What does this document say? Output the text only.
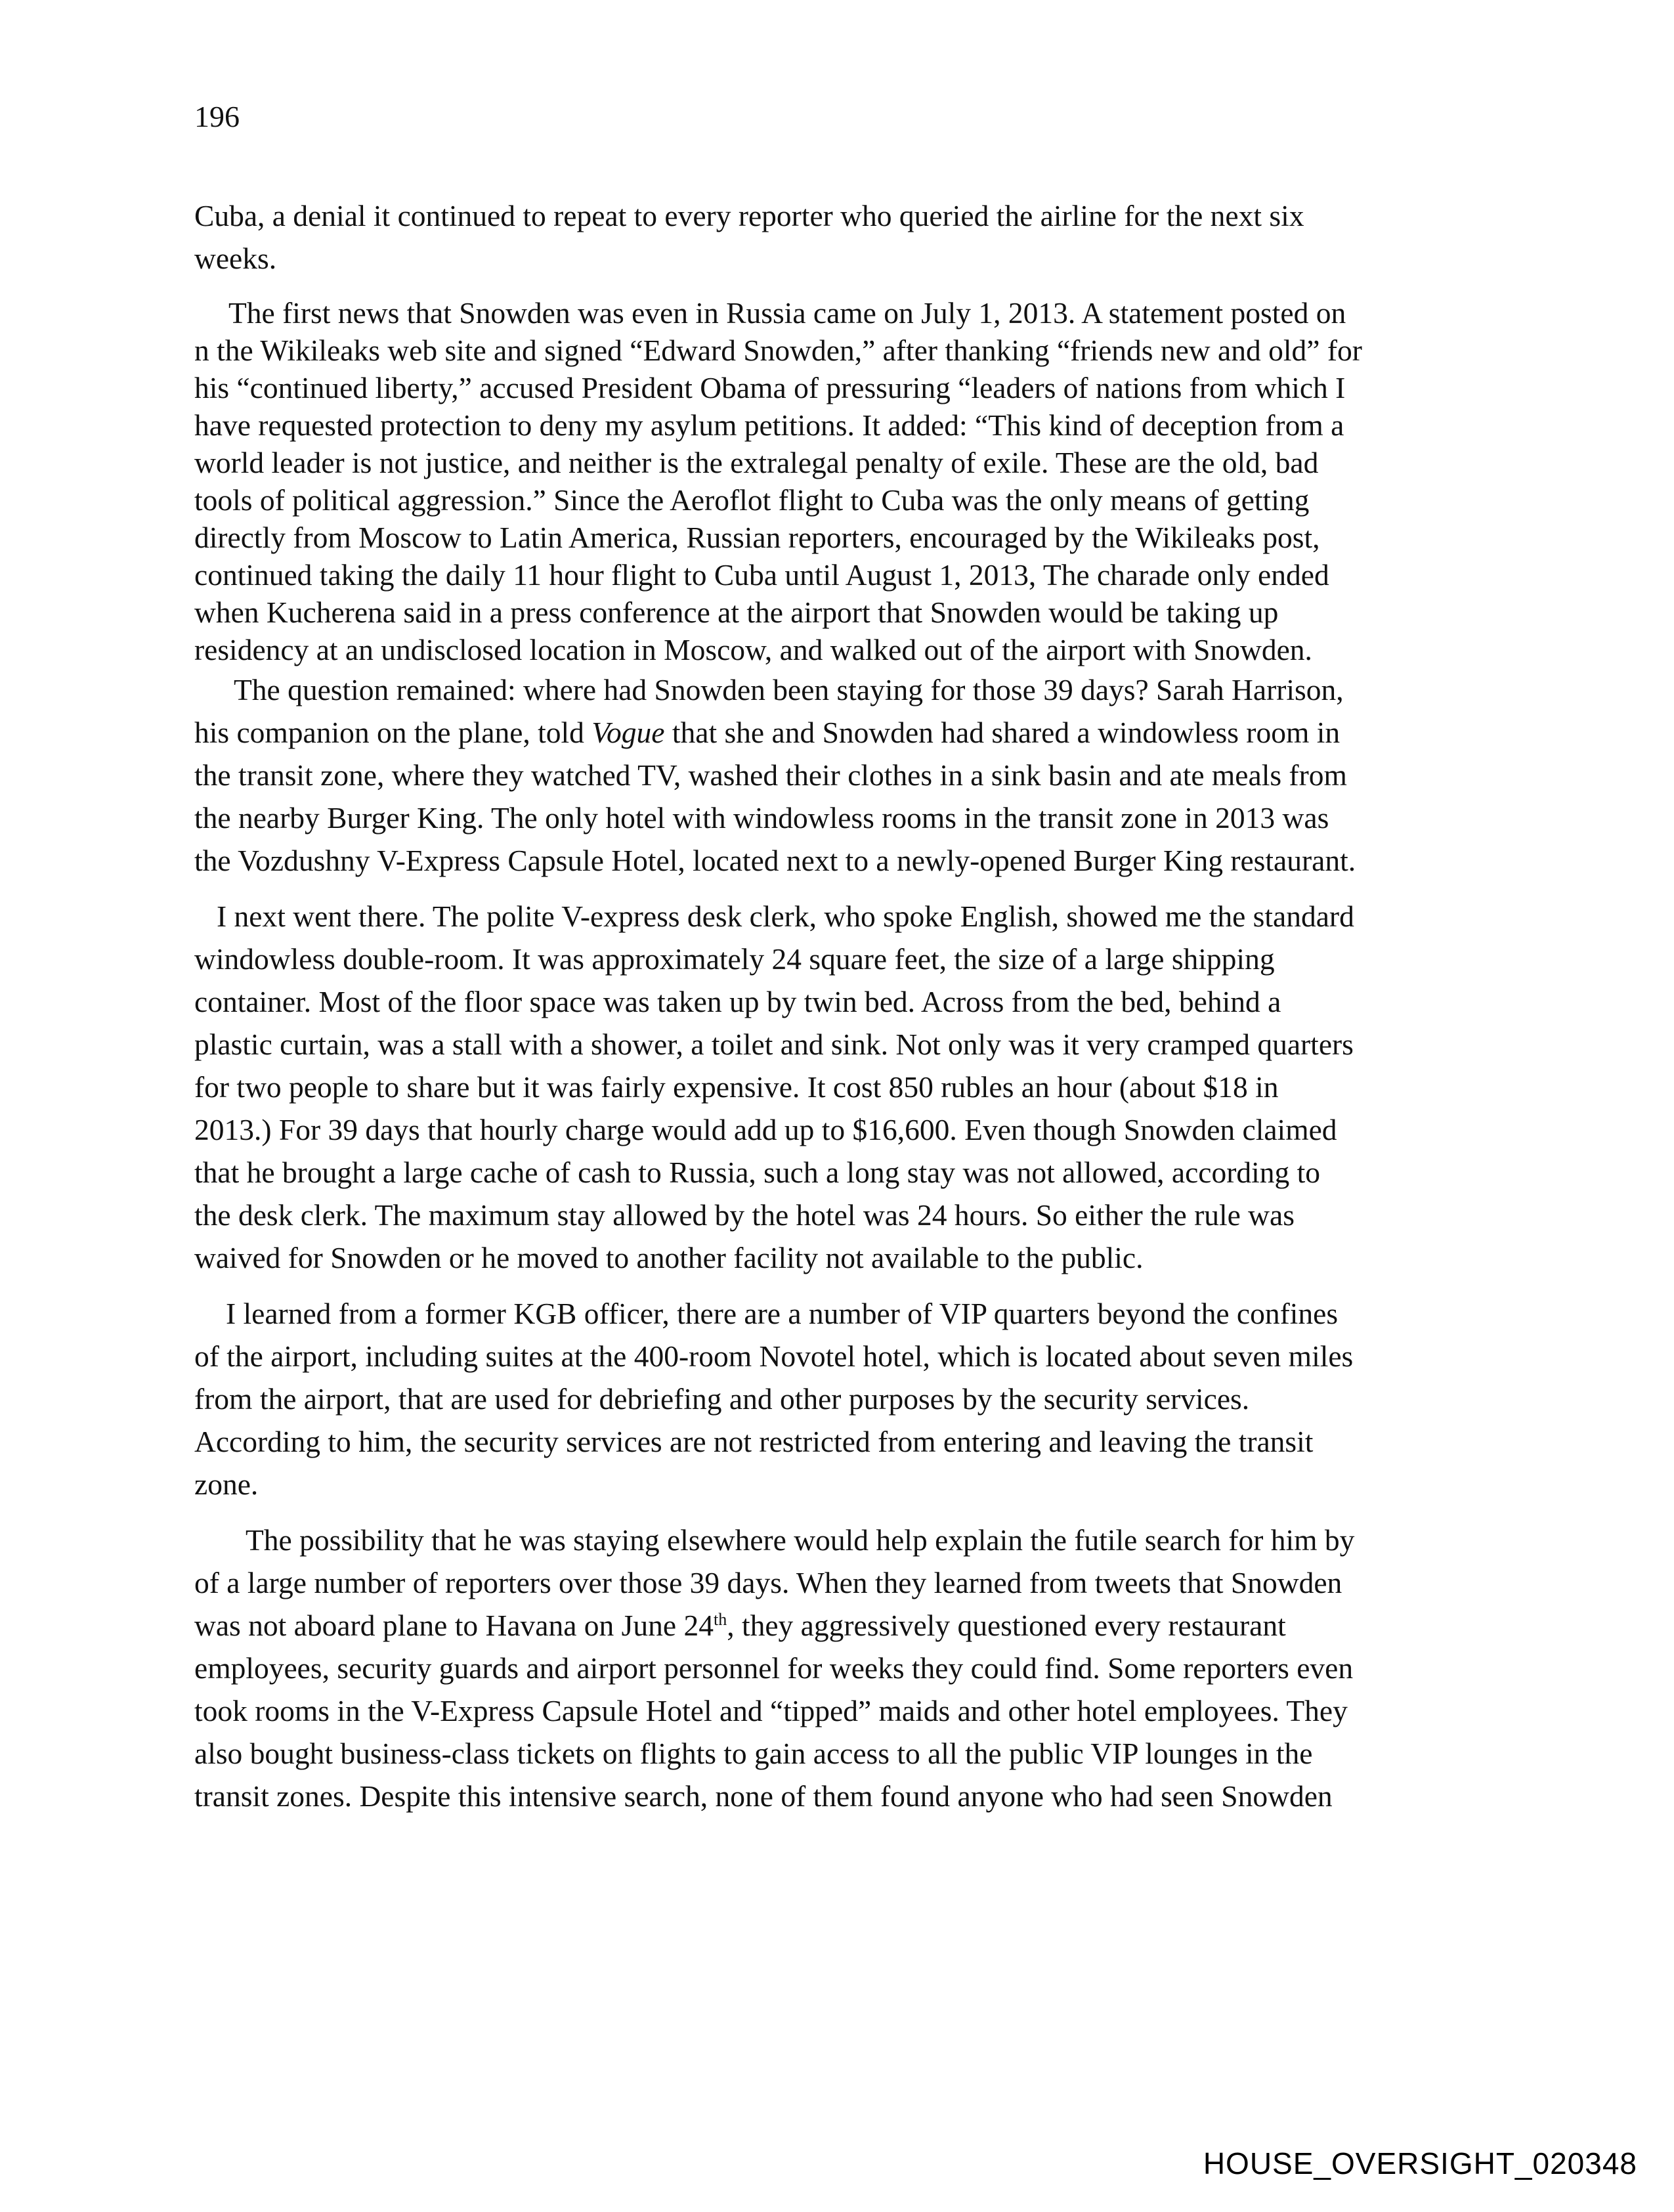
196

Cuba, a denial it continued to repeat to every reporter who queried the airline for the next six
weeks.

The first news that Snowden was even in Russia came on July 1, 2013. A statement posted on
n the Wikileaks web site and signed “Edward Snowden,” after thanking “friends new and old” for
his “continued liberty,” accused President Obama of pressuring “leaders of nations from which I
have requested protection to deny my asylum petitions. It added: “This kind of deception from a
world leader is not justice, and neither is the extralegal penalty of exile. These are the old, bad
tools of political aggression.” Since the Aeroflot flight to Cuba was the only means of getting
directly from Moscow to Latin America, Russian reporters, encouraged by the Wikileaks post,
continued taking the daily 11 hour flight to Cuba until August 1, 2013, The charade only ended
when Kucherena said in a press conference at the airport that Snowden would be taking up
residency at an undisclosed location in Moscow, and walked out of the airport with Snowden.

The question remained: where had Snowden been staying for those 39 days? Sarah Harrison,
his companion on the plane, told Vogue that she and Snowden had shared a windowless room in
the transit zone, where they watched TV, washed their clothes in a sink basin and ate meals from
the nearby Burger King. The only hotel with windowless rooms in the transit zone in 2013 was
the Vozdushny V-Express Capsule Hotel, located next to a newly-opened Burger King restaurant.

I next went there. The polite V-express desk clerk, who spoke English, showed me the standard
windowless double-room. It was approximately 24 square feet, the size of a large shipping
container. Most of the floor space was taken up by twin bed. Across from the bed, behind a
plastic curtain, was a stall with a shower, a toilet and sink. Not only was it very cramped quarters
for two people to share but it was fairly expensive. It cost 850 rubles an hour (about $18 in
2013.) For 39 days that hourly charge would add up to $16,600. Even though Snowden claimed
that he brought a large cache of cash to Russia, such a long stay was not allowed, according to
the desk clerk. The maximum stay allowed by the hotel was 24 hours. So either the rule was
waived for Snowden or he moved to another facility not available to the public.

I learned from a former KGB officer, there are a number of VIP quarters beyond the confines
of the airport, including suites at the 400-room Novotel hotel, which is located about seven miles
from the airport, that are used for debriefing and other purposes by the security services.
According to him, the security services are not restricted from entering and leaving the transit
zone.

The possibility that he was staying elsewhere would help explain the futile search for him by
of a large number of reporters over those 39 days. When they learned from tweets that Snowden
was not aboard plane to Havana on June 24th, they aggressively questioned every restaurant
employees, security guards and airport personnel for weeks they could find. Some reporters even
took rooms in the V-Express Capsule Hotel and “tipped” maids and other hotel employees. They
also bought business-class tickets on flights to gain access to all the public VIP lounges in the
transit zones. Despite this intensive search, none of them found anyone who had seen Snowden

HOUSE_OVERSIGHT_020348
